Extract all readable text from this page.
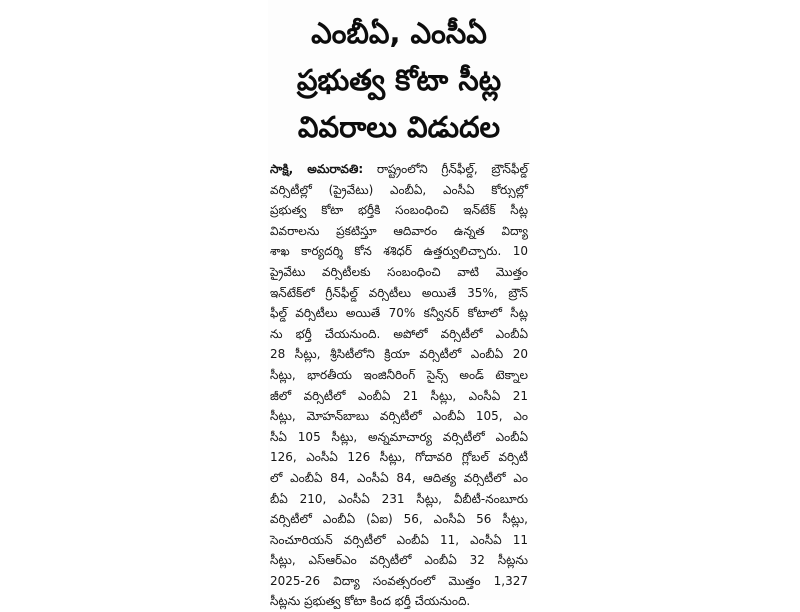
ఎంబీఏ, ఎంసీఏ
ప్రభుత్వ కోటా సీట్ల
వివరాలు విడుదల
సాక్షి, అమరావతి: రాష్ట్రంలోని గ్రీన్‌ఫీల్డ్, బ్రౌన్‌ఫీల్డ్
వర్సిటీల్లో (ప్రైవేటు) ఎంబీఏ, ఎంసీఏ కోర్సుల్లో
ప్రభుత్వ కోటా భర్తీకి సంబంధించి ఇన్‌టేక్ సీట్ల
వివరాలను ప్రకటిస్తూ ఆదివారం ఉన్నత విద్యా
శాఖ కార్యదర్శి కోన శశిధర్ ఉత్తర్వులిచ్చారు. 10
ప్రైవేటు వర్సిటీలకు సంబంధించి వాటి మొత్తం
ఇన్‌టేక్‌లో గ్రీన్‌ఫీల్డ్ వర్సిటీలు అయితే 35%, బ్రౌన్
ఫీల్డ్ వర్సిటీలు అయితే 70% కన్వీనర్ కోటాలో సీట్ల
ను భర్తీ చేయనుంది. అపోలో వర్సిటీలో ఎంబీఏ
28 సీట్లు, శ్రీసిటీలోని క్రియా వర్సిటీలో ఎంబీఏ 20
సీట్లు, భారతీయ ఇంజినీరింగ్ సైన్స్ అండ్ టెక్నాల
జీలో వర్సిటీలో ఎంబీఏ 21 సీట్లు, ఎంసీఏ 21
సీట్లు, మోహన్‌బాబు వర్సిటీలో ఎంబీఏ 105, ఎం
సీఏ 105 సీట్లు, అన్నమాచార్య వర్సిటీలో ఎంబీఏ
126, ఎంసీఏ 126 సీట్లు, గోదావరి గ్లోబల్ వర్సిటీ
లో ఎంబీఏ 84, ఎంసీఏ 84, ఆదిత్య వర్సిటీలో ఎం
బీఏ 210, ఎంసీఏ 231 సీట్లు, వీబీటీ-నంబూరు
వర్సిటీలో ఎంబీఏ (ఏఐ) 56, ఎంసీఏ 56 సీట్లు,
సెంచూరియన్ వర్సిటీలో ఎంబీఏ 11, ఎంసీఏ 11
సీట్లు, ఎస్ఆర్ఎం వర్సిటీలో ఎంబీఏ 32 సీట్లను
2025-26 విద్యా సంవత్సరంలో మొత్తం 1,327
సీట్లను ప్రభుత్వ కోటా కింద భర్తీ చేయనుంది.
